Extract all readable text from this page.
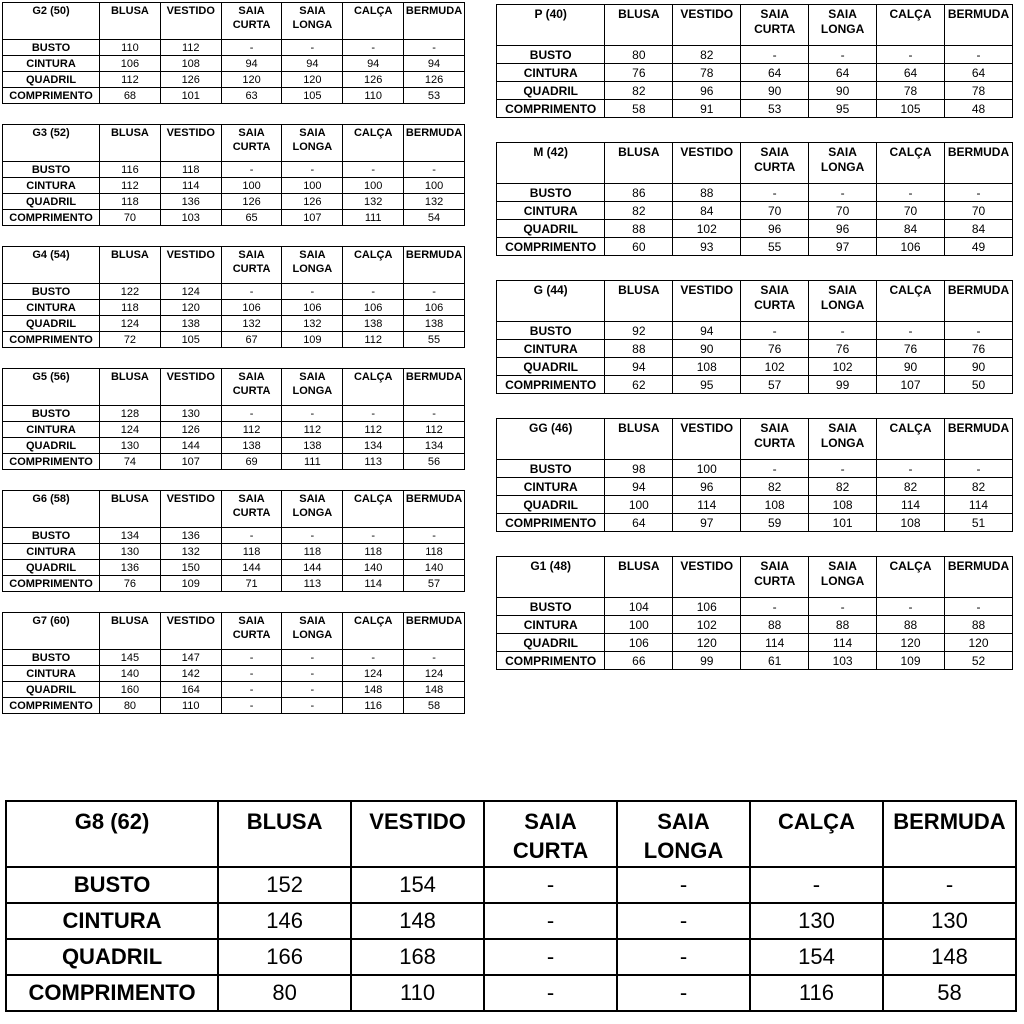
G2 (50)	BLUSA	VESTIDO	SAIA CURTA	SAIA LONGA	CALÇA	BERMUDA
BUSTO	110	112	-	-	-	-
CINTURA	106	108	94	94	94	94
QUADRIL	112	126	120	120	126	126
COMPRIMENTO	68	101	63	105	110	53
G3 (52)	BLUSA	VESTIDO	SAIA CURTA	SAIA LONGA	CALÇA	BERMUDA
BUSTO	116	118	-	-	-	-
CINTURA	112	114	100	100	100	100
QUADRIL	118	136	126	126	132	132
COMPRIMENTO	70	103	65	107	111	54
G4 (54)	BLUSA	VESTIDO	SAIA CURTA	SAIA LONGA	CALÇA	BERMUDA
BUSTO	122	124	-	-	-	-
CINTURA	118	120	106	106	106	106
QUADRIL	124	138	132	132	138	138
COMPRIMENTO	72	105	67	109	112	55
G5 (56)	BLUSA	VESTIDO	SAIA CURTA	SAIA LONGA	CALÇA	BERMUDA
BUSTO	128	130	-	-	-	-
CINTURA	124	126	112	112	112	112
QUADRIL	130	144	138	138	134	134
COMPRIMENTO	74	107	69	111	113	56
G6 (58)	BLUSA	VESTIDO	SAIA CURTA	SAIA LONGA	CALÇA	BERMUDA
BUSTO	134	136	-	-	-	-
CINTURA	130	132	118	118	118	118
QUADRIL	136	150	144	144	140	140
COMPRIMENTO	76	109	71	113	114	57
G7 (60)	BLUSA	VESTIDO	SAIA CURTA	SAIA LONGA	CALÇA	BERMUDA
BUSTO	145	147	-	-	-	-
CINTURA	140	142	-	-	124	124
QUADRIL	160	164	-	-	148	148
COMPRIMENTO	80	110	-	-	116	58
P (40)	BLUSA	VESTIDO	SAIA CURTA	SAIA LONGA	CALÇA	BERMUDA
BUSTO	80	82	-	-	-	-
CINTURA	76	78	64	64	64	64
QUADRIL	82	96	90	90	78	78
COMPRIMENTO	58	91	53	95	105	48
M (42)	BLUSA	VESTIDO	SAIA CURTA	SAIA LONGA	CALÇA	BERMUDA
BUSTO	86	88	-	-	-	-
CINTURA	82	84	70	70	70	70
QUADRIL	88	102	96	96	84	84
COMPRIMENTO	60	93	55	97	106	49
G (44)	BLUSA	VESTIDO	SAIA CURTA	SAIA LONGA	CALÇA	BERMUDA
BUSTO	92	94	-	-	-	-
CINTURA	88	90	76	76	76	76
QUADRIL	94	108	102	102	90	90
COMPRIMENTO	62	95	57	99	107	50
GG (46)	BLUSA	VESTIDO	SAIA CURTA	SAIA LONGA	CALÇA	BERMUDA
BUSTO	98	100	-	-	-	-
CINTURA	94	96	82	82	82	82
QUADRIL	100	114	108	108	114	114
COMPRIMENTO	64	97	59	101	108	51
G1 (48)	BLUSA	VESTIDO	SAIA CURTA	SAIA LONGA	CALÇA	BERMUDA
BUSTO	104	106	-	-	-	-
CINTURA	100	102	88	88	88	88
QUADRIL	106	120	114	114	120	120
COMPRIMENTO	66	99	61	103	109	52
G8 (62)	BLUSA	VESTIDO	SAIA CURTA	SAIA LONGA	CALÇA	BERMUDA
BUSTO	152	154	-	-	-	-
CINTURA	146	148	-	-	130	130
QUADRIL	166	168	-	-	154	148
COMPRIMENTO	80	110	-	-	116	58
